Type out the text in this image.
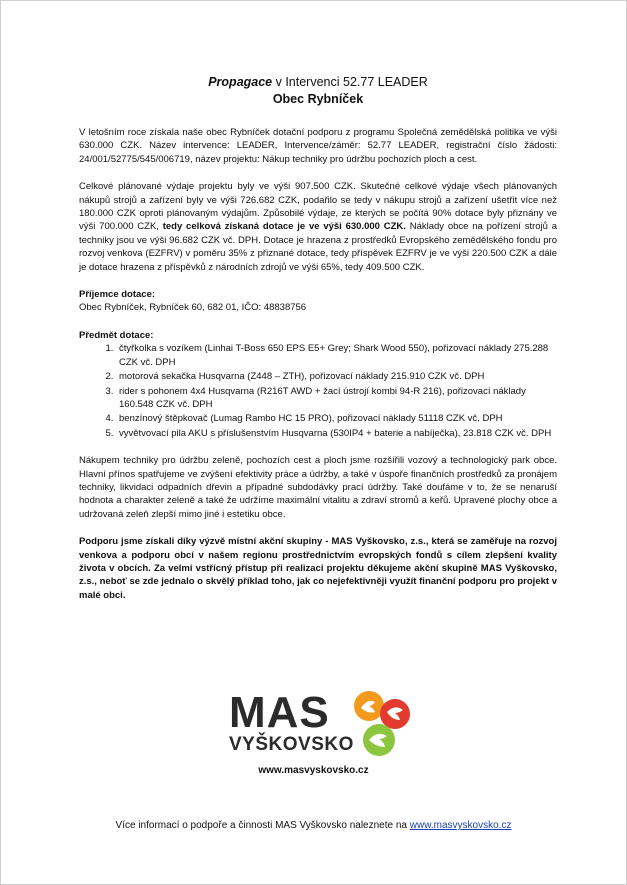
Propagace v Intervenci 52.77 LEADER
Obec Rybníček

V letošním roce získala naše obec Rybníček dotační podporu z programu Společná zemědělská politika ve výši 630.000 CZK. Název intervence: LEADER, Intervence/záměr: 52.77 LEADER, registrační číslo žádosti: 24/001/52775/545/006719, název projektu: Nákup techniky pro údržbu pochozích ploch a cest.

Celkové plánované výdaje projektu byly ve výši 907.500 CZK. Skutečné celkové výdaje všech plánovaných nákupů strojů a zařízení byly ve výši 726.682 CZK, podařilo se tedy v nákupu strojů a zařízení ušetřit více než 180.000 CZK oproti plánovaným výdajům. Způsobilé výdaje, ze kterých se počítá 90% dotace byly přiznány ve výši 700.000 CZK, tedy celková získaná dotace je ve výši 630.000 CZK. Náklady obce na pořízení strojů a techniky jsou ve výši 96.682 CZK vč. DPH. Dotace je hrazena z prostředků Evropského zemědělského fondu pro rozvoj venkova (EZFRV) v poměru 35% z přiznané dotace, tedy příspěvek EZFRV je ve výši 220.500 CZK a dále je dotace hrazena z příspěvků z národních zdrojů ve výši 65%, tedy 409.500 CZK.

Příjemce dotace:
Obec Rybníček, Rybníček 60, 682 01, IČO: 48838756
Předmět dotace:
1. čtyřkolka s vozíkem (Linhai T-Boss 650 EPS E5+ Grey; Shark Wood 550), pořizovací náklady 275.288 CZK vč. DPH
2. motorová sekačka Husqvarna (Z448 – ZTH), pořizovací náklady 215.910 CZK vč. DPH
3. rider s pohonem 4x4 Husqvarna (R216T AWD + žací ústrojí kombi 94-R 216), pořizovací náklady 160.548 CZK vč. DPH
4. benzínový štěpkovač (Lumag Rambo HC 15 PRO), pořizovací náklady 51118 CZK vč. DPH
5. vyvětvovací pila AKU s příslušenstvím Husqvarna (530IP4 + baterie a nabíječka), 23.818 CZK vč. DPH

Nákupem techniky pro údržbu zeleně, pochozích cest a ploch jsme rozšířili vozový a technologický park obce. Hlavní přínos spatřujeme ve zvýšení efektivity práce a údržby, a také v úspoře finančních prostředků za pronájem techniky, likvidaci odpadních dřevin a případné subdodávky prací údržby. Také doufáme v to, že se nenaruší hodnota a charakter zeleně a také že udržíme maximální vitalitu a zdraví stromů a keřů. Upravené plochy obce a udržovaná zeleň zlepší mimo jiné i estetiku obce.

Podporu jsme získali díky výzvě místní akční skupiny - MAS Vyškovsko, z.s., která se zaměřuje na rozvoj venkova a podporu obcí v našem regionu prostřednictvím evropských fondů s cílem zlepšení kvality života v obcích. Za velmi vstřícný přístup při realizaci projektu děkujeme akční skupině MAS Vyškovsko, z.s., neboť se zde jednalo o skvělý příklad toho, jak co nejefektivněji využít finanční podporu pro projekt v malé obci.

MAS
VYŠKOVSKO
www.masvyskovsko.cz
Více informací o podpoře a činnosti MAS Vyškovsko naleznete na www.masvyskovsko.cz
